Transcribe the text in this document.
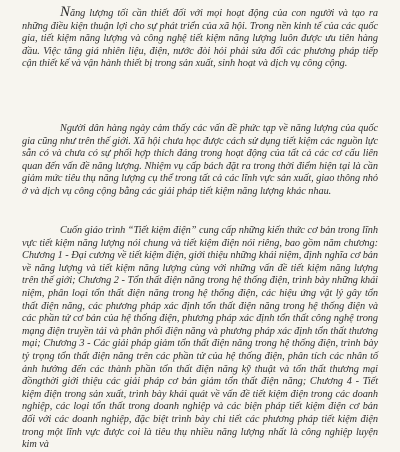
Năng lượng tối cần thiết đối với mọi hoạt động của con người và tạo ra những điều kiện thuận lợi cho sự phát triển của xã hội. Trong nền kinh tế của các quốc gia, tiết kiệm năng lượng và công nghệ tiết kiệm năng lượng luôn được ưu tiên hàng đầu. Việc tăng giá nhiên liệu, điện, nước đòi hỏi phải sửa đổi các phương pháp tiếp cận thiết kế và vận hành thiết bị trong sản xuất, sinh hoạt và dịch vụ công cộng.

Người dân hàng ngày cảm thấy các vấn đề phức tạp về năng lượng của quốc gia cũng như trên thế giới. Xã hội chưa học được cách sử dụng tiết kiệm các nguồn lực sẵn có và chưa có sự phối hợp thích đáng trong hoạt động của tất cả các cơ cấu liên quan đến vấn đề năng lượng. Nhiệm vụ cấp bách đặt ra trong thời điểm hiện tại là cần giảm mức tiêu thụ năng lượng cụ thể trong tất cả các lĩnh vực sản xuất, giao thông nhỏ ở và dịch vụ công cộng bằng các giải pháp tiết kiệm năng lượng khác nhau.

Cuốn giáo trình “Tiết kiệm điện” cung cấp những kiến thức cơ bản trong lĩnh vực tiết kiệm năng lượng nói chung và tiết kiệm điện nói riêng, bao gồm năm chương: Chương 1 - Đại cương về tiết kiệm điện, giới thiệu những khái niệm, định nghĩa cơ bản về năng lượng và tiết kiệm năng lượng cùng với những vấn đề tiết kiệm năng lượng trên thế giới; Chương 2 - Tổn thất điện năng trong hệ thống điện, trình bày những khái niệm, phân loại tổn thất điện năng trong hệ thống điện, các hiệu ứng vật lý gây tổn thất điện năng, các phương pháp xác định tổn thất điện năng trong hệ thống điện và các phần tử cơ bản của hệ thống điện, phương pháp xác định tổn thất công nghệ trong mạng điện truyền tải và phân phối điện năng và phương pháp xác định tổn thất thương mại; Chương 3 - Các giải pháp giảm tổn thất điện năng trong hệ thống điện, trình bày tỷ trọng tổn thất điện năng trên các phần tử của hệ thống điện, phân tích các nhân tố ảnh hưởng đến các thành phần tổn thất điện năng kỹ thuật và tổn thất thương mại đồngthời giới thiệu các giải pháp cơ bản giảm tổn thất điện năng; Chương 4 - Tiết kiệm điện trong sản xuất, trình bày khái quát về vấn đề tiết kiệm điện trong các doanh nghiệp, các loại tổn thất trong doanh nghiệp và các biện pháp tiết kiệm điện cơ bản đối với các doanh nghiệp, đặc biệt trình bày chi tiết các phương pháp tiết kiệm điện trong một lĩnh vực được coi là tiêu thụ nhiều năng lượng nhất là công nghiệp luyện kim và
